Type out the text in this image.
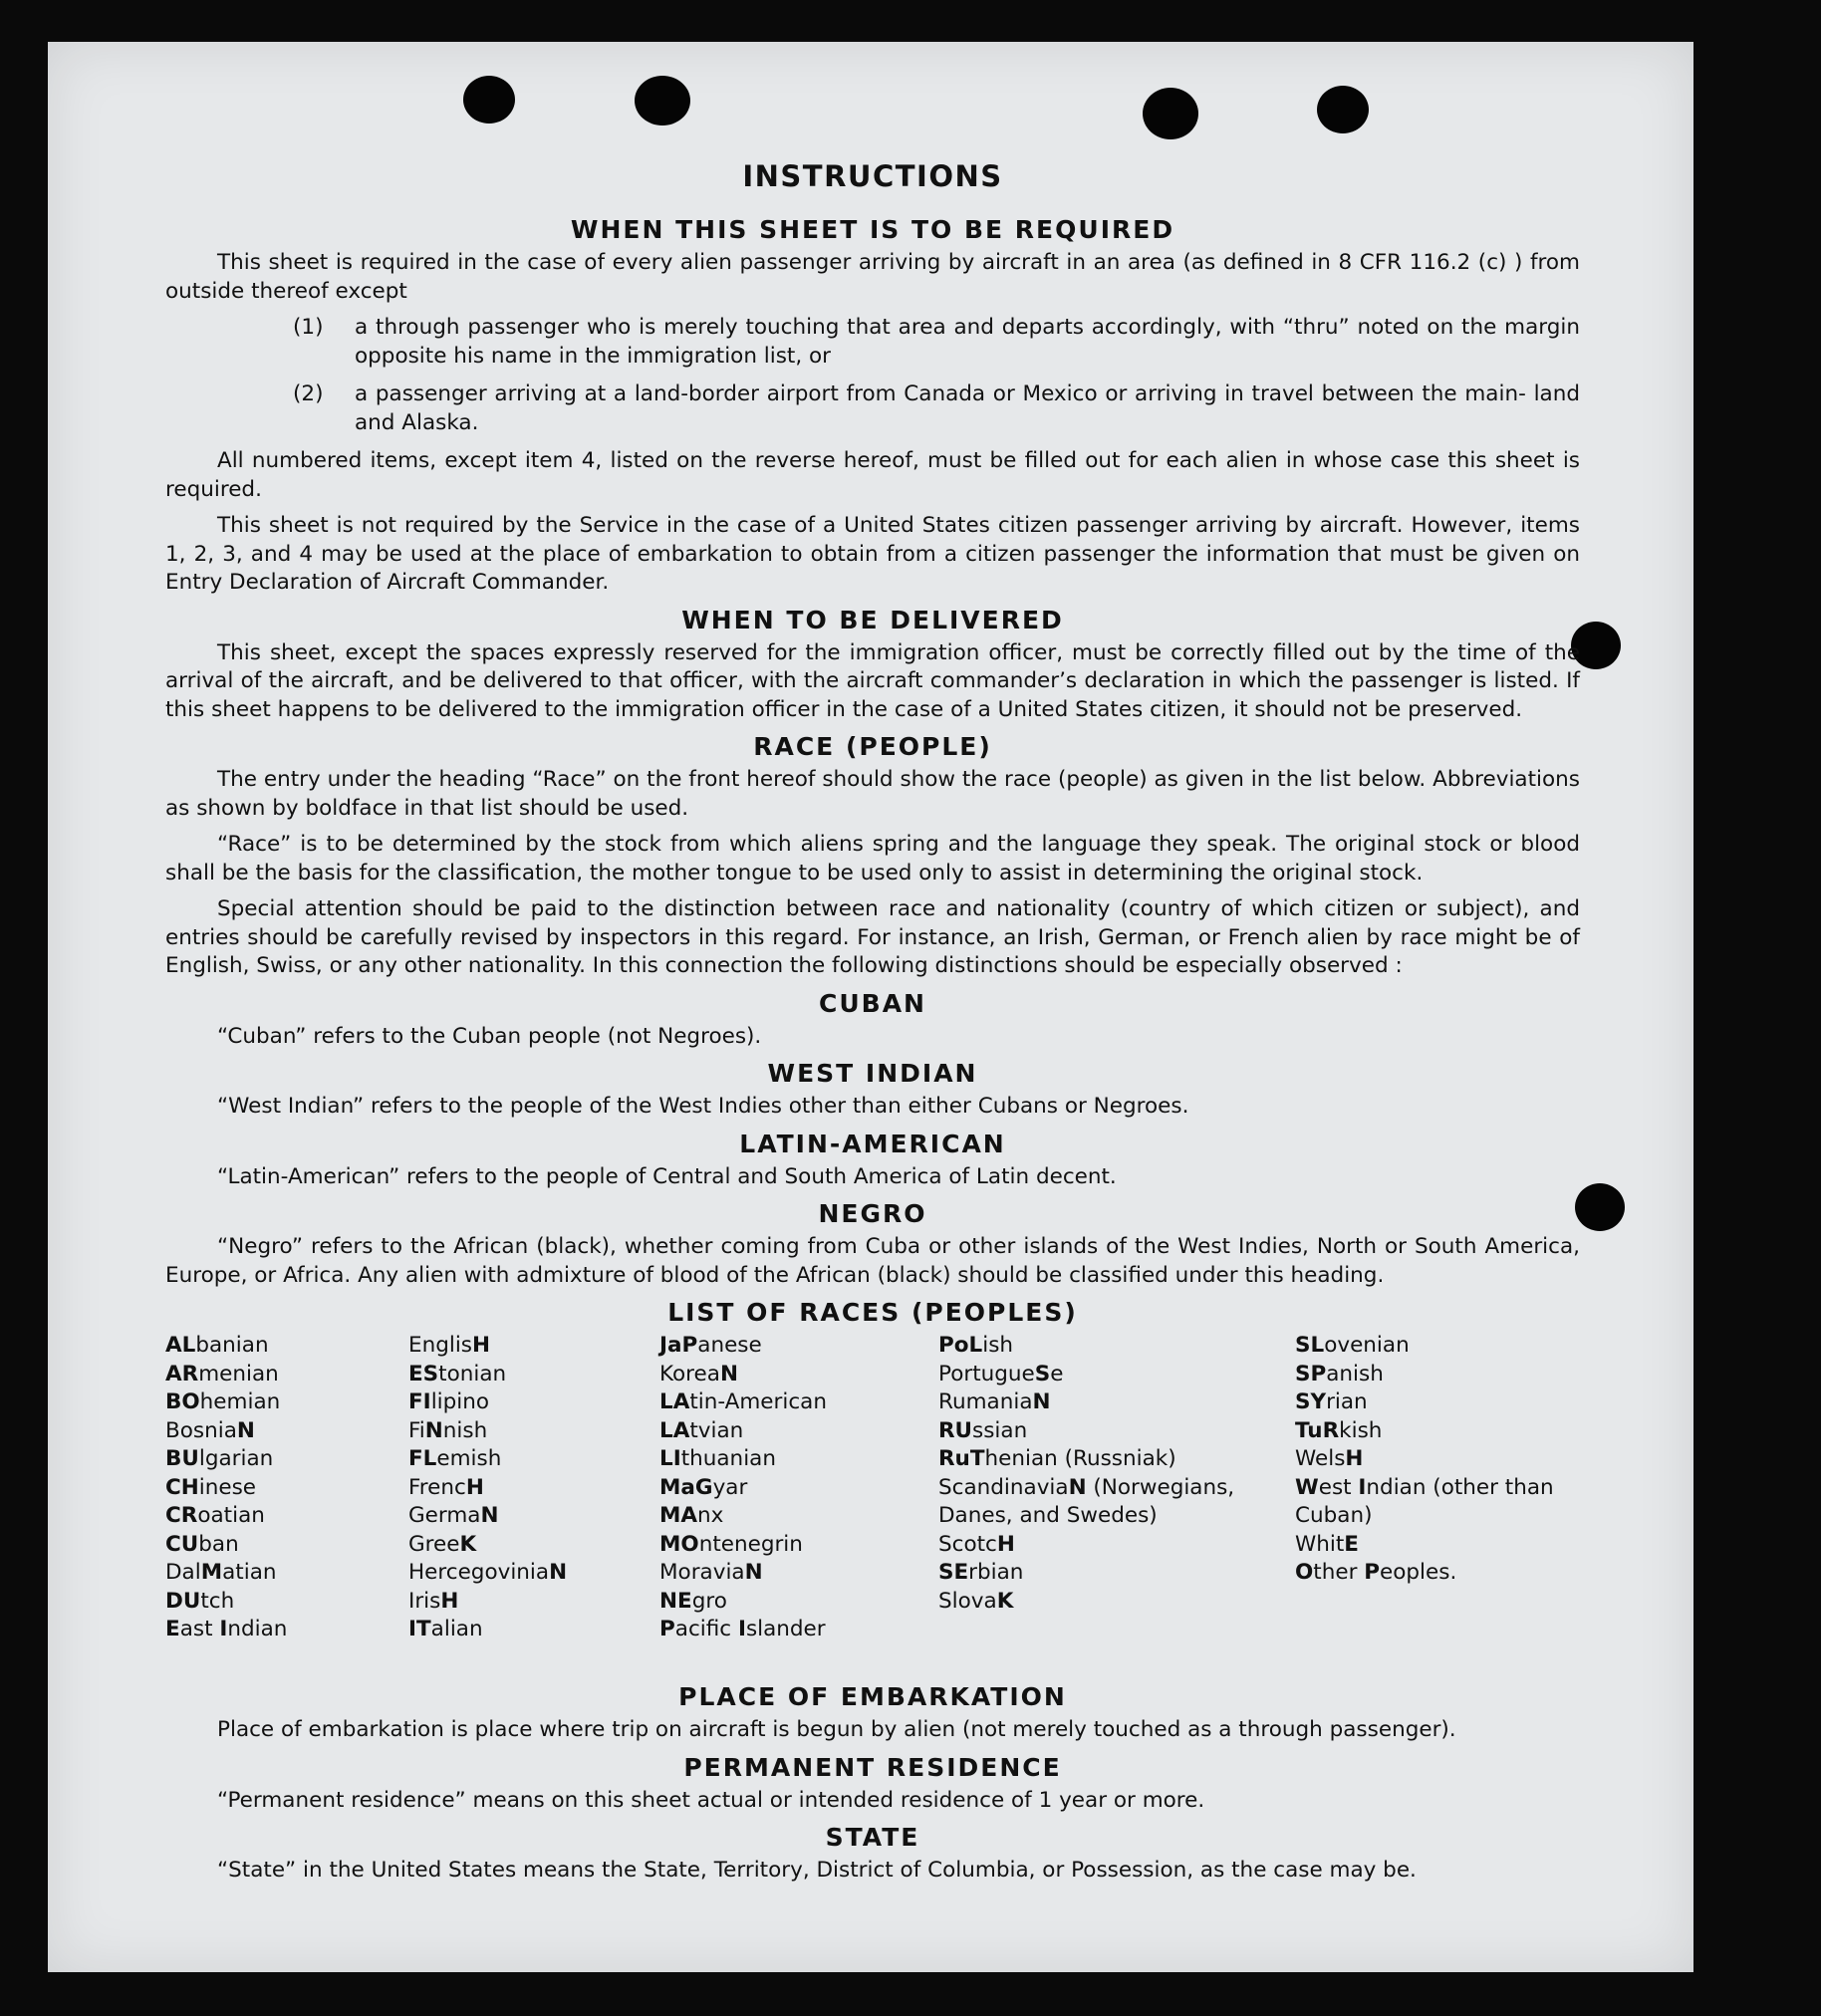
INSTRUCTIONS
WHEN THIS SHEET IS TO BE REQUIRED

This sheet is required in the case of every alien passenger arriving by aircraft in an area (as defined in 8 CFR 116.2 (c) ) from outside thereof except

(1)	a through passenger who is merely touching that area and departs accordingly, with “thru” noted on the margin opposite his name in the immigration list, or
(2)	a passenger arriving at a land-border airport from Canada or Mexico or arriving in travel between the main- land and Alaska.

All numbered items, except item 4, listed on the reverse hereof, must be filled out for each alien in whose case this sheet is required.

This sheet is not required by the Service in the case of a United States citizen passenger arriving by aircraft. However, items 1, 2, 3, and 4 may be used at the place of embarkation to obtain from a citizen passenger the information that must be given on Entry Declaration of Aircraft Commander.

WHEN TO BE DELIVERED

This sheet, except the spaces expressly reserved for the immigration officer, must be correctly filled out by the time of the arrival of the aircraft, and be delivered to that officer, with the aircraft commander’s declaration in which the passenger is listed. If this sheet happens to be delivered to the immigration officer in the case of a United States citizen, it should not be preserved.

RACE (PEOPLE)

The entry under the heading “Race” on the front hereof should show the race (people) as given in the list below. Abbreviations as shown by boldface in that list should be used.

“Race” is to be determined by the stock from which aliens spring and the language they speak. The original stock or blood shall be the basis for the classification, the mother tongue to be used only to assist in determining the original stock.

Special attention should be paid to the distinction between race and nationality (country of which citizen or subject), and entries should be carefully revised by inspectors in this regard. For instance, an Irish, German, or French alien by race might be of English, Swiss, or any other nationality. In this connection the following distinctions should be especially observed :

CUBAN
“Cuban” refers to the Cuban people (not Negroes).
WEST INDIAN
“West Indian” refers to the people of the West Indies other than either Cubans or Negroes.
LATIN-AMERICAN
“Latin-American” refers to the people of Central and South America of Latin decent.
NEGRO

“Negro” refers to the African (black), whether coming from Cuba or other islands of the West Indies, North or South America, Europe, or Africa. Any alien with admixture of blood of the African (black) should be classified under this heading.

LIST OF RACES (PEOPLES)
ALbanian
ARmenian
BOhemian
BosniaN
BUlgarian
CHinese
CRoatian
CUban
DalMatian
DUtch
East Indian
EnglisH
EStonian
FIlipino
FiNnish
FLemish
FrencH
GermaN
GreeK
HercegoviniaN
IrisH
ITalian
JaPanese
KoreaN
LAtin-American
LAtvian
LIthuanian
MaGyar
MAnx
MOntenegrin
MoraviaN
NEgro
Pacific Islander
PoLish
PortugueSe
RumaniaN
RUssian
RuThenian (Russniak)
ScandinaviaN (Norwegians, Danes, and Swedes)
ScotcH
SErbian
SlovaK
SLovenian
SPanish
SYrian
TuRkish
WelsH
West Indian (other than Cuban)
WhitE
Other Peoples.
PLACE OF EMBARKATION
Place of embarkation is place where trip on aircraft is begun by alien (not merely touched as a through passenger).
PERMANENT RESIDENCE
“Permanent residence” means on this sheet actual or intended residence of 1 year or more.
STATE
“State” in the United States means the State, Territory, District of Columbia, or Possession, as the case may be.
